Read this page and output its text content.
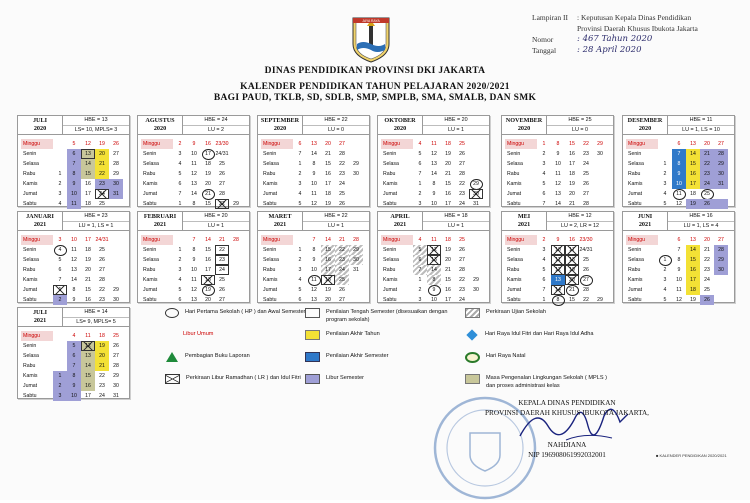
Lampiran II	: Keputusan Kepala Dinas Pendidikan
Provinsi Daerah Khusus Ibukota Jakarta
Nomor	: 467 Tahun 2020
Tanggal	: 28 April 2020
JAYA RAYA
DINAS PENDIDIKAN PROVINSI DKI JAKARTA
KALENDER PENDIDIKAN TAHUN PELAJARAN 2020/2021
BAGI PAUD, TKLB, SD, SDLB, SMP, SMPLB, SMA, SMALB, DAN SMK
JULI
2020
HBE = 13
LS= 10, MPLS= 3
Minggu		5	12	19	26
Senin		6	13	20	27
Selasa		7	14	21	28
Rabu	1	8	15	22	29
Kamis	2	9	16	23	30
Jumat	3	10	17	24	31
Sabtu	4	11	18	25	
AGUSTUS
2020
HBE = 24
LU = 2
Minggu	2	9	16	23/30	
Senin	3	10	17	24/31	
Selasa	4	11	18	25	
Rabu	5	12	19	26	
Kamis	6	13	20	27	
Jumat	7	14	21	28	
Sabtu	1	8	15	22	29
SEPTEMBER
2020
HBE = 22
LU = 0
Minggu	6	13	20	27	
Senin	7	14	21	28	
Selasa	1	8	15	22	29
Rabu	2	9	16	23	30
Kamis	3	10	17	24	
Jumat	4	11	18	25	
Sabtu	5	12	19	26	
OKTOBER
2020
HBE = 20
LU = 1
Minggu	4	11	18	25	
Senin	5	12	19	26	
Selasa	6	13	20	27	
Rabu	7	14	21	28	
Kamis	1	8	15	22	29
Jumat	2	9	16	23	30
Sabtu	3	10	17	24	31
NOVEMBER
2020
HBE = 25
LU = 0
Minggu	1	8	15	22	29
Senin	2	9	16	23	30
Selasa	3	10	17	24	
Rabu	4	11	18	25	
Kamis	5	12	19	26	
Jumat	6	13	20	27	
Sabtu	7	14	21	28	
DESEMBER
2020
HBE = 11
LU = 1, LS = 10
Minggu		6	13	20	27
Senin		7	14	21	28
Selasa	1	8	15	22	29
Rabu	2	9	16	23	30
Kamis	3	10	17	24	31
Jumat	4	11	18	25	
Sabtu	5	12	19	26	
JANUARI
2021
HBE = 23
LU = 1, LS = 1
Minggu	3	10	17	24/31	
Senin	4	11	18	25	
Selasa	5	12	19	26	
Rabu	6	13	20	27	
Kamis	7	14	21	28	
Jumat	1	8	15	22	29
Sabtu	2	9	16	23	30
FEBRUARI
2021
HBE = 20
LU = 1
Minggu		7	14	21	28
Senin	1	8	15	22	
Selasa	2	9	16	23	
Rabu	3	10	17	24	
Kamis	4	11	18	25	
Jumat	5	12	19	26	
Sabtu	6	13	20	27	
MARET
2021
HBE = 22
LU = 1
Minggu		7	14	21	28
Senin	1	8	15	22	29
Selasa	2	9	16	23	30
Rabu	3	10	17	24	31
Kamis	4	11	18	25	
Jumat	5	12	19	26	
Sabtu	6	13	20	27	
APRIL
2021
HBE = 18
LU = 1
Minggu	4	11	18	25	
Senin	5	12	19	26	
Selasa	6	13	20	27	
Rabu	7	14	21	28	
Kamis	1	8	15	22	29
Jumat	2	9	16	23	30
Sabtu	3	10	17	24	
MEI
2021
HBE = 12
LU = 2, LR = 12
Minggu	2	9	16	23/30	
Senin	3	10	17	24/31	
Selasa	4	11	18	25	
Rabu	5	12	19	26	
Kamis	6	13	20	27	
Jumat	7	14	21	28	
Sabtu	1	8	15	22	29
JUNI
2021
HBE = 16
LU = 1, LS = 4
Minggu		6	13	20	27
Senin		7	14	21	28
Selasa	1	8	15	22	29
Rabu	2	9	16	23	30
Kamis	3	10	17	24	
Jumat	4	11	18	25	
Sabtu	5	12	19	26	
JULI
2021
HBE = 14
LS= 9, MPLS= 5
Minggu		4	11	18	25
Senin		5	12	19	26
Selasa		6	13	20	27
Rabu		7	14	21	28
Kamis	1	8	15	22	29
Jumat	2	9	16	23	30
Sabtu	3	10	17	24	31
Hari Pertama Sekolah ( HP ) dan Awal Semester	Penilaian Tengah Semester (disesuaikan dengan program sekolah)
Perkiraan Ujian Sekolah
Libur Umum	Penilaian Akhir Tahun	Hari Raya Idul Fitri dan Hari Raya Idul Adha
Pembagian Buku Laporan	Penilaian Akhir Semester	Hari Raya Natal
Perkiraan Libur Ramadhan ( LR ) dan Idul Fitri	Libur Semester	Masa Pengenalan Lingkungan Sekolah ( MPLS ) dan proses administrasi kelas
KEPALA DINAS PENDIDIKAN
PROVINSI DAERAH KHUSUS IBUKOTA JAKARTA,
NAHDIANA
NIP 196908061992032001	■ KALENDER PENDIDIKAN 2020/2021
